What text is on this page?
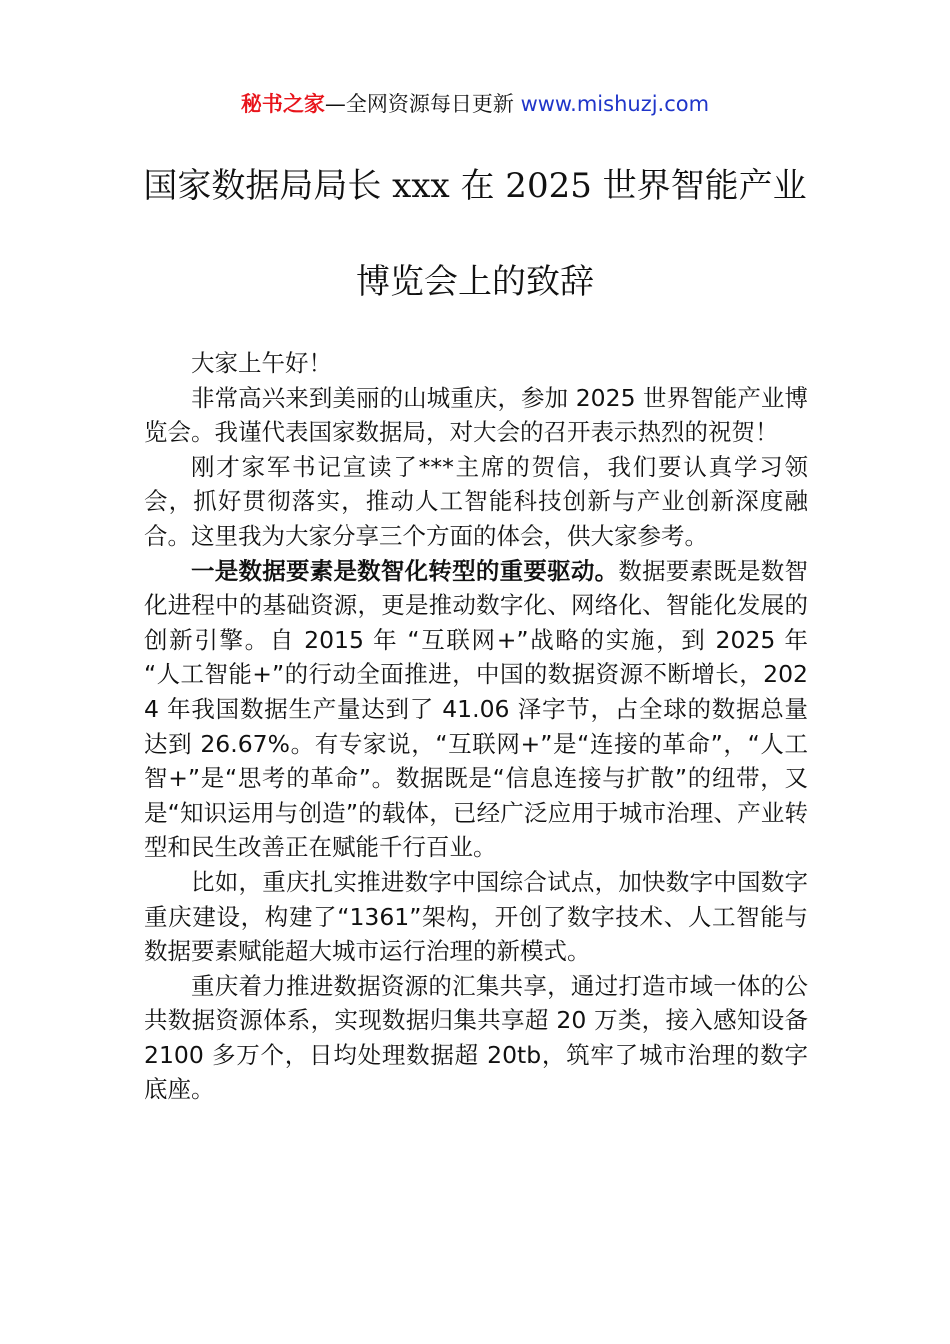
秘书之家—全网资源每日更新 www.mishuzj.com
国家数据局局长 xxx 在 2025 世界智能产业
博览会上的致辞

大家上午好！

非常高兴来到美丽的山城重庆，参加 2025 世界智能产业博览会。我谨代表国家数据局，对大会的召开表示热烈的祝贺！

刚才家军书记宣读了***主席的贺信，我们要认真学习领会，抓好贯彻落实，推动人工智能科技创新与产业创新深度融合。这里我为大家分享三个方面的体会，供大家参考。

一是数据要素是数智化转型的重要驱动。数据要素既是数智化进程中的基础资源，更是推动数字化、网络化、智能化发展的创新引擎。自 2015 年 “互联网+”战略的实施，到 2025 年 “人工智能+”的行动全面推进，中国的数据资源不断增长，2024 年我国数据生产量达到了 41.06 泽字节，占全球的数据总量达到 26.67%。有专家说，“互联网+”是“连接的革命”，“人工智+”是“思考的革命”。数据既是“信息连接与扩散”的纽带，又是“知识运用与创造”的载体，已经广泛应用于城市治理、产业转型和民生改善正在赋能千行百业。

比如，重庆扎实推进数字中国综合试点，加快数字中国数字重庆建设，构建了“1361”架构，开创了数字技术、人工智能与数据要素赋能超大城市运行治理的新模式。

重庆着力推进数据资源的汇集共享，通过打造市域一体的公共数据资源体系，实现数据归集共享超 20 万类，接入感知设备 2100 多万个，日均处理数据超 20tb，筑牢了城市治理的数字底座。
